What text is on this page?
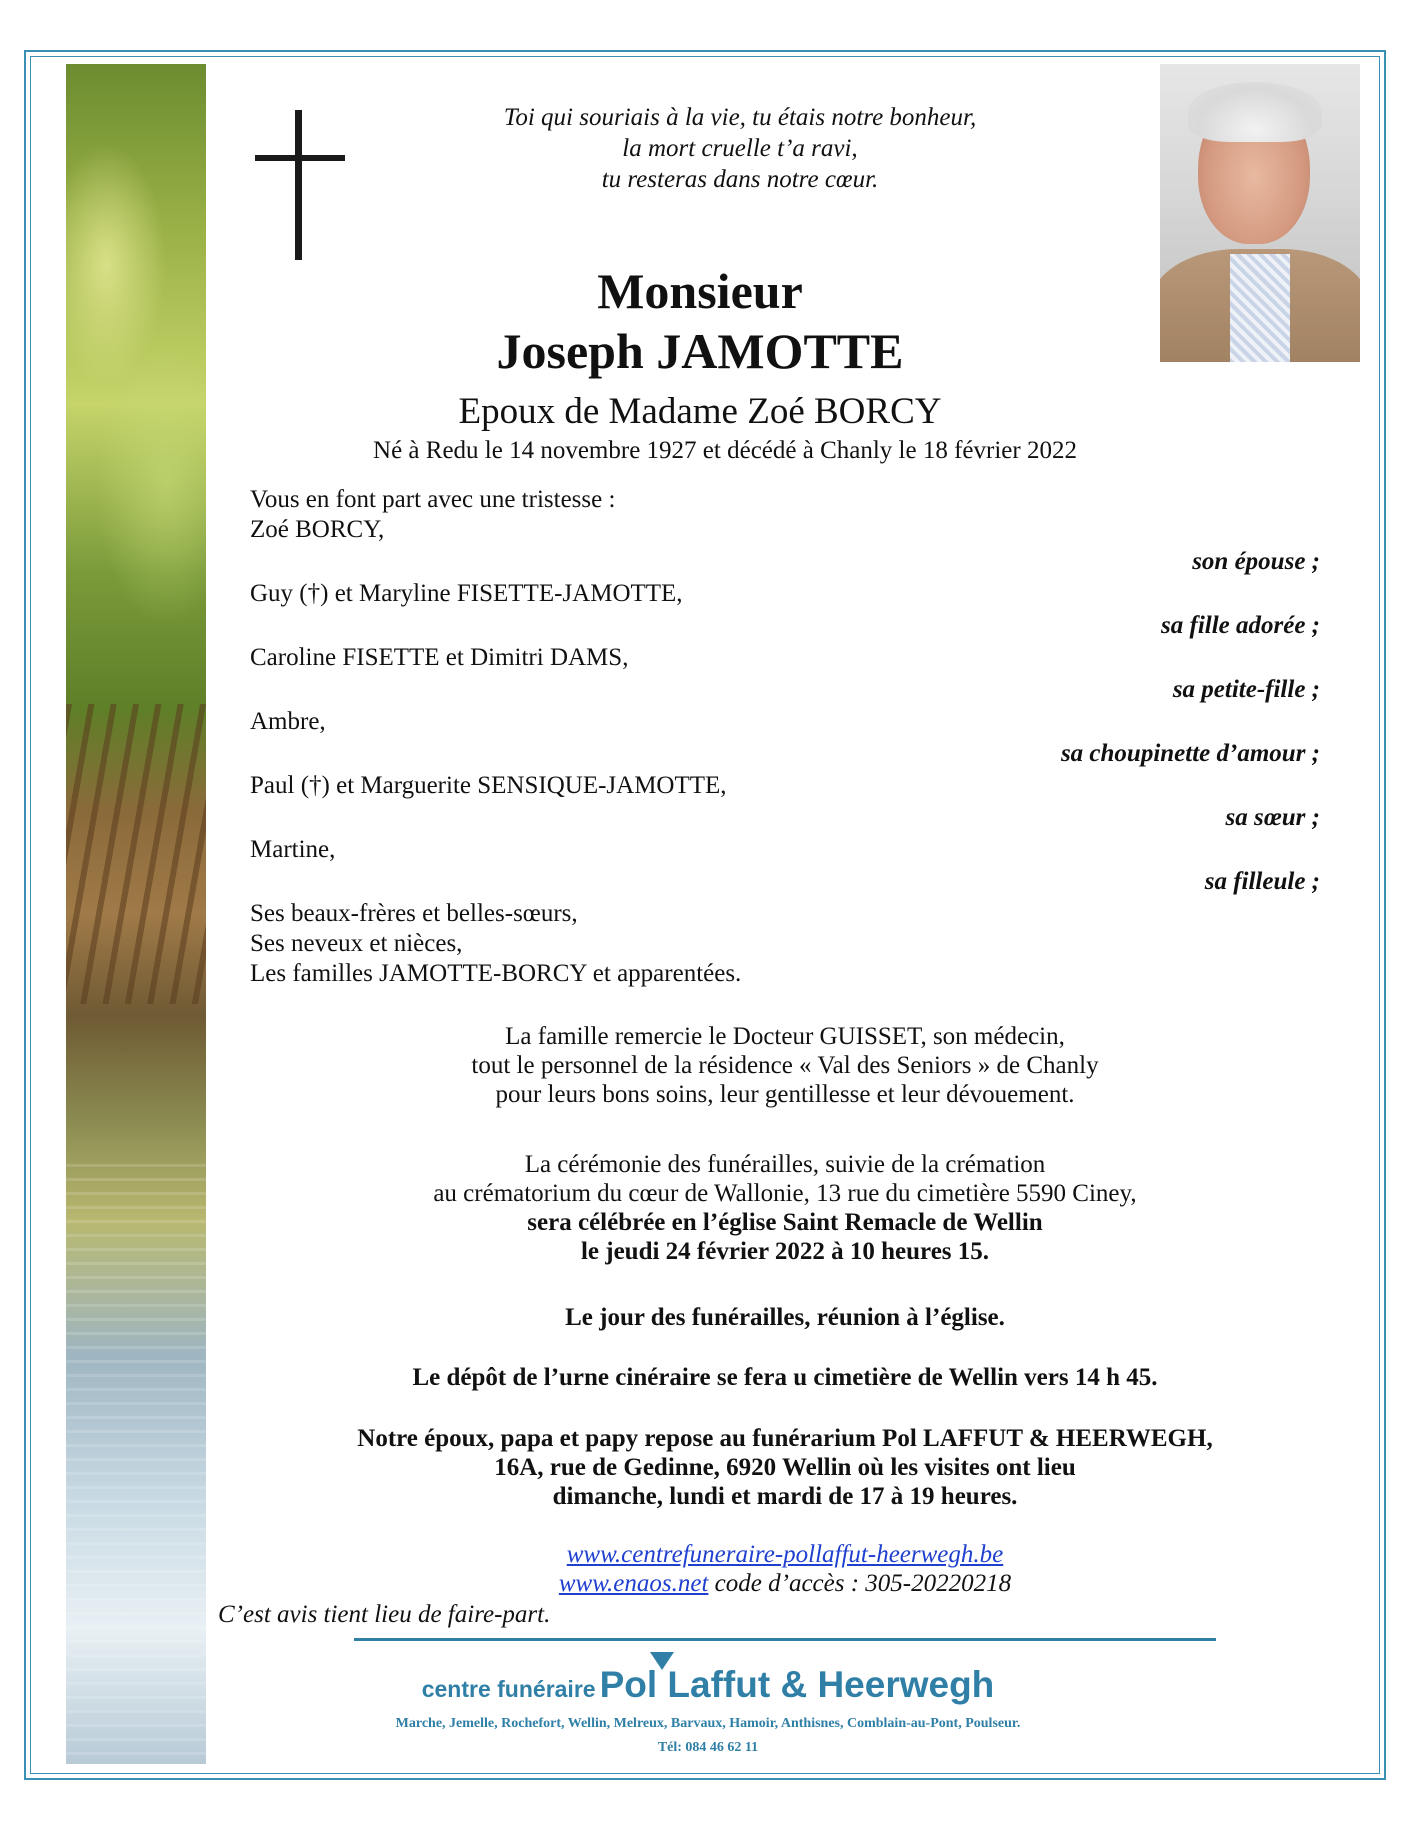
Toi qui souriais à la vie, tu étais notre bonheur,
la mort cruelle t’a ravi,
tu resteras dans notre cœur.
Monsieur
Joseph JAMOTTE
Epoux de Madame Zoé BORCY
Né à Redu le 14 novembre 1927 et décédé à Chanly le 18 février 2022
Vous en font part avec une tristesse :
Zoé BORCY,
son épouse ;
Guy (†) et Maryline FISETTE-JAMOTTE,
sa fille adorée ;
Caroline FISETTE et Dimitri DAMS,
sa petite-fille ;
Ambre,
sa choupinette d’amour ;
Paul (†) et Marguerite SENSIQUE-JAMOTTE,
sa sœur ;
Martine,
sa filleule ;
Ses beaux-frères et belles-sœurs,
Ses neveux et nièces,
Les familles JAMOTTE-BORCY et apparentées.
La famille remercie le Docteur GUISSET, son médecin,
tout le personnel de la résidence « Val des Seniors » de Chanly
pour leurs bons soins, leur gentillesse et leur dévouement.
La cérémonie des funérailles, suivie de la crémation
au crématorium du cœur de Wallonie, 13 rue du cimetière 5590 Ciney,
sera célébrée en l’église Saint Remacle de Wellin
le jeudi 24 février 2022 à 10 heures 15.
Le jour des funérailles, réunion à l’église.
Le dépôt de l’urne cinéraire se fera u cimetière de Wellin vers 14 h 45.
Notre époux, papa et papy repose au funérarium Pol LAFFUT & HEERWEGH,
16A, rue de Gedinne, 6920 Wellin où les visites ont lieu
dimanche, lundi et mardi de 17 à 19 heures.
www.centrefuneraire-pollaffut-heerwegh.be
www.enaos.net code d’accès : 305-20220218
C’est avis tient lieu de faire-part.
centre funéraire Pol Laffut & Heerwegh
Marche, Jemelle, Rochefort, Wellin, Melreux, Barvaux, Hamoir, Anthisnes, Comblain-au-Pont, Poulseur.
Tél: 084 46 62 11
